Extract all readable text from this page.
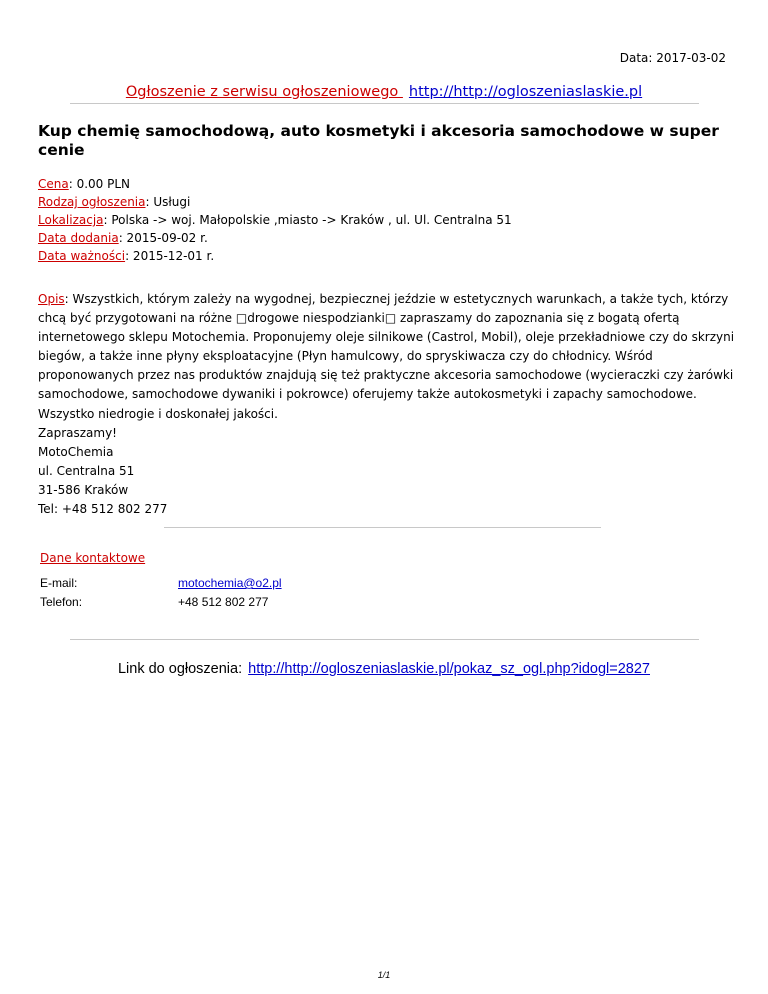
Data: 2017-03-02
Ogłoszenie z serwisu ogłoszeniowego http://http://ogloszeniaslaskie.pl
Kup chemię samochodową, auto kosmetyki i akcesoria samochodowe w super cenie
Cena: 0.00 PLN
Rodzaj ogłoszenia: Usługi
Lokalizacja: Polska -> woj. Małopolskie ,miasto -> Kraków , ul. Ul. Centralna 51
Data dodania: 2015-09-02 r.
Data ważności: 2015-12-01 r.
Opis: Wszystkich, którym zależy na wygodnej, bezpiecznej jeździe w estetycznych warunkach, a także tych, którzy chcą być przygotowani na różne □drogowe niespodzianki□ zapraszamy do zapoznania się z bogatą ofertą internetowego sklepu Motochemia. Proponujemy oleje silnikowe (Castrol, Mobil), oleje przekładniowe czy do skrzyni biegów, a także inne płyny eksploatacyjne (Płyn hamulcowy, do spryskiwacza czy do chłodnicy. Wśród proponowanych przez nas produktów znajdują się też praktyczne akcesoria samochodowe (wycieraczki czy żarówki samochodowe, samochodowe dywaniki i pokrowce) oferujemy także autokosmetyki i zapachy samochodowe. Wszystko niedrogie i doskonałej jakości.
Zapraszamy!
MotoChemia
ul. Centralna 51
31-586 Kraków
Tel: +48 512 802 277
Dane kontaktowe
E-mail:	motochemia@o2.pl
Telefon:	+48 512 802 277
Link do ogłoszenia: http://http://ogloszeniaslaskie.pl/pokaz_sz_ogl.php?idogl=2827
1/1
